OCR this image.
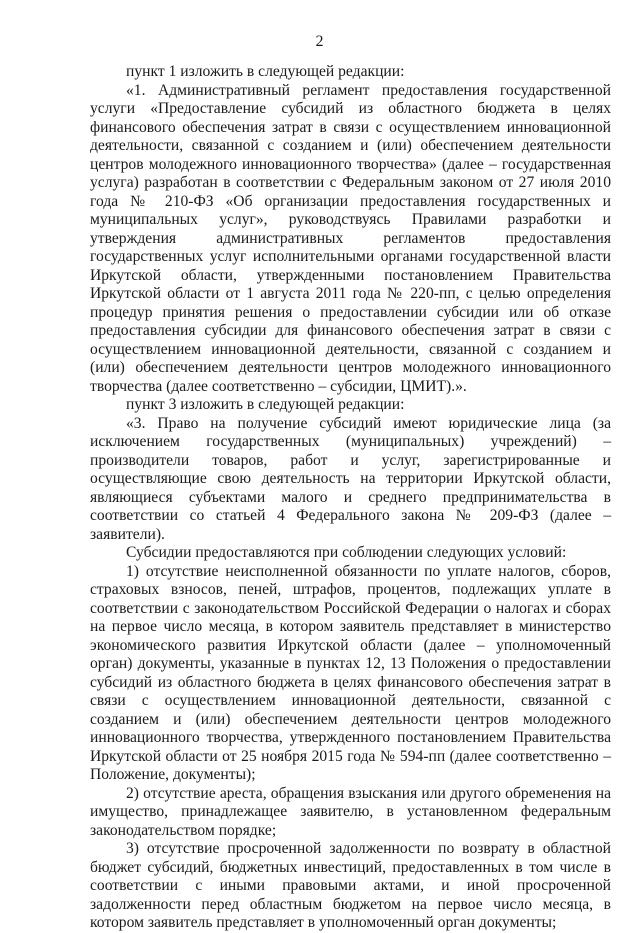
2

пункт 1 изложить в следующей редакции:

«1. Административный регламент предоставления государственной услуги «Предоставление субсидий из областного бюджета в целях финансового обеспечения затрат в связи с осуществлением инновационной деятельности, связанной с созданием и (или) обеспечением деятельности центров молодежного инновационного творчества» (далее – государственная услуга) разработан в соответствии с Федеральным законом от 27 июля 2010 года № 210-ФЗ «Об организации предоставления государственных и муниципальных услуг», руководствуясь Правилами разработки и утверждения административных регламентов предоставления государственных услуг исполнительными органами государственной власти Иркутской области, утвержденными постановлением Правительства Иркутской области от 1 августа 2011 года № 220-пп, с целью определения процедур принятия решения о предоставлении субсидии или об отказе предоставления субсидии для финансового обеспечения затрат в связи с осуществлением инновационной деятельности, связанной с созданием и (или) обеспечением деятельности центров молодежного инновационного творчества (далее соответственно – субсидии, ЦМИТ).».

пункт 3 изложить в следующей редакции:

«3. Право на получение субсидий имеют юридические лица (за исключением государственных (муниципальных) учреждений) – производители товаров, работ и услуг, зарегистрированные и осуществляющие свою деятельность на территории Иркутской области, являющиеся субъектами малого и среднего предпринимательства в соответствии со статьей 4 Федерального закона № 209-ФЗ (далее – заявители).

Субсидии предоставляются при соблюдении следующих условий:

1) отсутствие неисполненной обязанности по уплате налогов, сборов, страховых взносов, пеней, штрафов, процентов, подлежащих уплате в соответствии с законодательством Российской Федерации о налогах и сборах на первое число месяца, в котором заявитель представляет в министерство экономического развития Иркутской области (далее – уполномоченный орган) документы, указанные в пунктах 12, 13 Положения о предоставлении субсидий из областного бюджета в целях финансового обеспечения затрат в связи с осуществлением инновационной деятельности, связанной с созданием и (или) обеспечением деятельности центров молодежного инновационного творчества, утвержденного постановлением Правительства Иркутской области от 25 ноября 2015 года № 594-пп (далее соответственно – Положение, документы);

2) отсутствие ареста, обращения взыскания или другого обременения на имущество, принадлежащее заявителю, в установленном федеральным законодательством порядке;

3) отсутствие просроченной задолженности по возврату в областной бюджет субсидий, бюджетных инвестиций, предоставленных в том числе в соответствии с иными правовыми актами, и иной просроченной задолженности перед областным бюджетом на первое число месяца, в котором заявитель представляет в уполномоченный орган документы;
